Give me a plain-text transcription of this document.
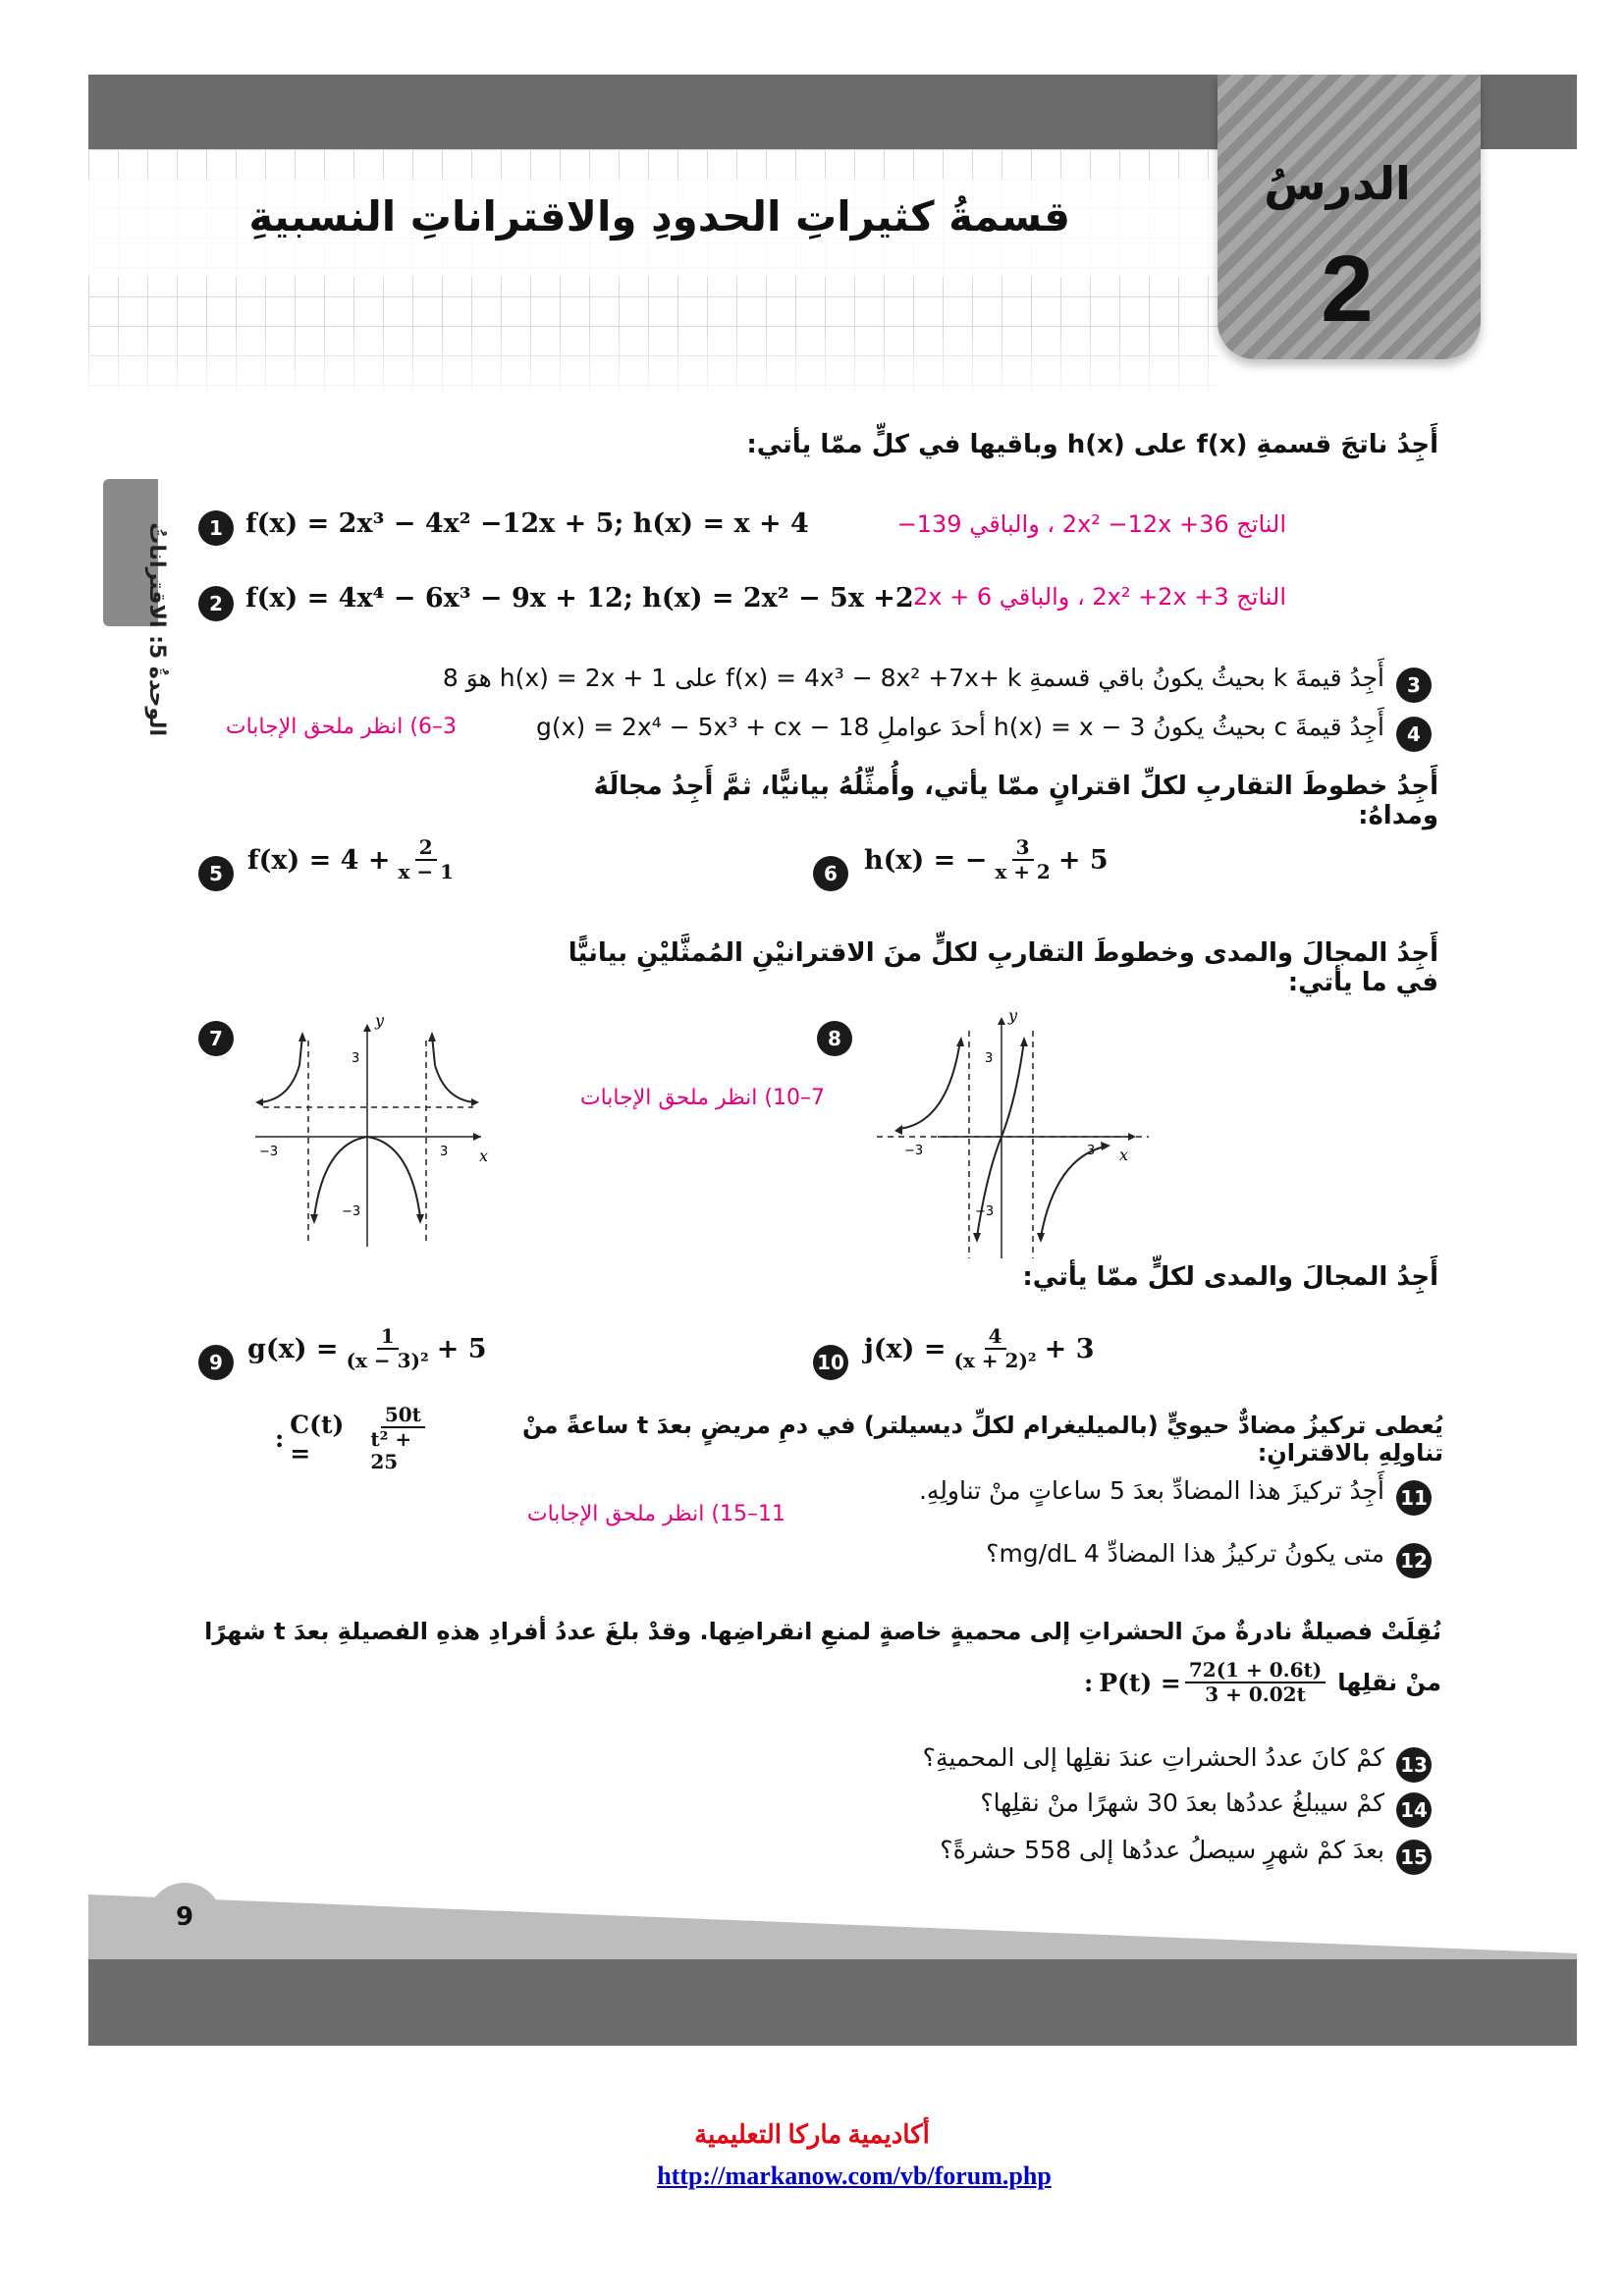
قسمةُ كثيراتِ الحدودِ والاقتراناتِ النسبيةِ
الدرسُ
2
الوحدةُ 5: الاقتراناتُ
أَجِدُ ناتجَ قسمةِ f(x) على h(x) وباقيها في كلٍّ ممّا يأتي:
1 f(x) = 2x³ − 4x² −12x + 5; h(x) = x + 4	الناتج 2x² −12x +36 ، والباقي 139−
2 f(x) = 4x⁴ − 6x³ − 9x + 12; h(x) = 2x² − 5x +2 الناتج 2x² +2x +3 ، والباقي 2x + 6
3
أَجِدُ قيمةَ k بحيثُ يكونُ باقي قسمةِ f(x) = 4x³ − 8x² +7x+ k على h(x) = 2x + 1 هوَ 8
4
أَجِدُ قيمةَ c بحيثُ يكونُ h(x) = x − 3 أحدَ عواملِ g(x) = 2x⁴ − 5x³ + cx − 18
3–6) انظر ملحق الإجابات
أَجِدُ خطوطَ التقاربِ لكلِّ اقترانٍ ممّا يأتي، وأُمثِّلُهُ بيانيًّا، ثمَّ أَجِدُ مجالَهُ ومداهُ:
5 $f(x) = 4 + \frac{2}{x - 1}$	6	h(x) = − $\frac{3}{x + 2} + 5$
أَجِدُ المجالَ والمدى وخطوطَ التقاربِ لكلٍّ منَ الاقترانيْنِ المُمثَّليْنِ بيانيًّا في ما يأتي:
7
y
x
3
−3
3
−3
7–10) انظر ملحق الإجابات
8
y
x
3
−3
3
−3
أَجِدُ المجالَ والمدى لكلٍّ ممّا يأتي:
9 $g(x) = \frac{1}{\text{(x − 3)²}} + 5$	10 $j(x) = \frac{4}{\text{(x + 2)²}} + 3$
يُعطى تركيزُ مضادٌّ حيويٍّ (بالميليغرام لكلِّ ديسيلتر) في دمِ مريضٍ بعدَ t ساعةً منْ تناولِهِ بالاقترانِ:
: C(t) =	$\frac{50t}{\text{t² + 25}}$
11
أَجِدُ تركيزَ هذا المضادِّ بعدَ 5 ساعاتٍ منْ تناولِهِ.
11–15) انظر ملحق الإجابات
12
متى يكونُ تركيزُ هذا المضادِّ 4 mg/dL؟
نُقِلَتْ فصيلةٌ نادرةٌ منَ الحشراتِ إلى محميةٍ خاصةٍ لمنعِ انقراضِها. وقدْ بلغَ عددُ أفرادِ هذهِ الفصيلةِ بعدَ t شهرًا
منْ نقلِها
: $P(t) = \frac{72(1 + 0.6t)}{3 + 0.02t}$
13
كمْ كانَ عددُ الحشراتِ عندَ نقلِها إلى المحميةِ؟
14
كمْ سيبلغُ عددُها بعدَ 30 شهرًا منْ نقلِها؟
15
بعدَ كمْ شهرٍ سيصلُ عددُها إلى 558 حشرةً؟
9
أكاديمية ماركا التعليمية
http://markanow.com/vb/forum.php
